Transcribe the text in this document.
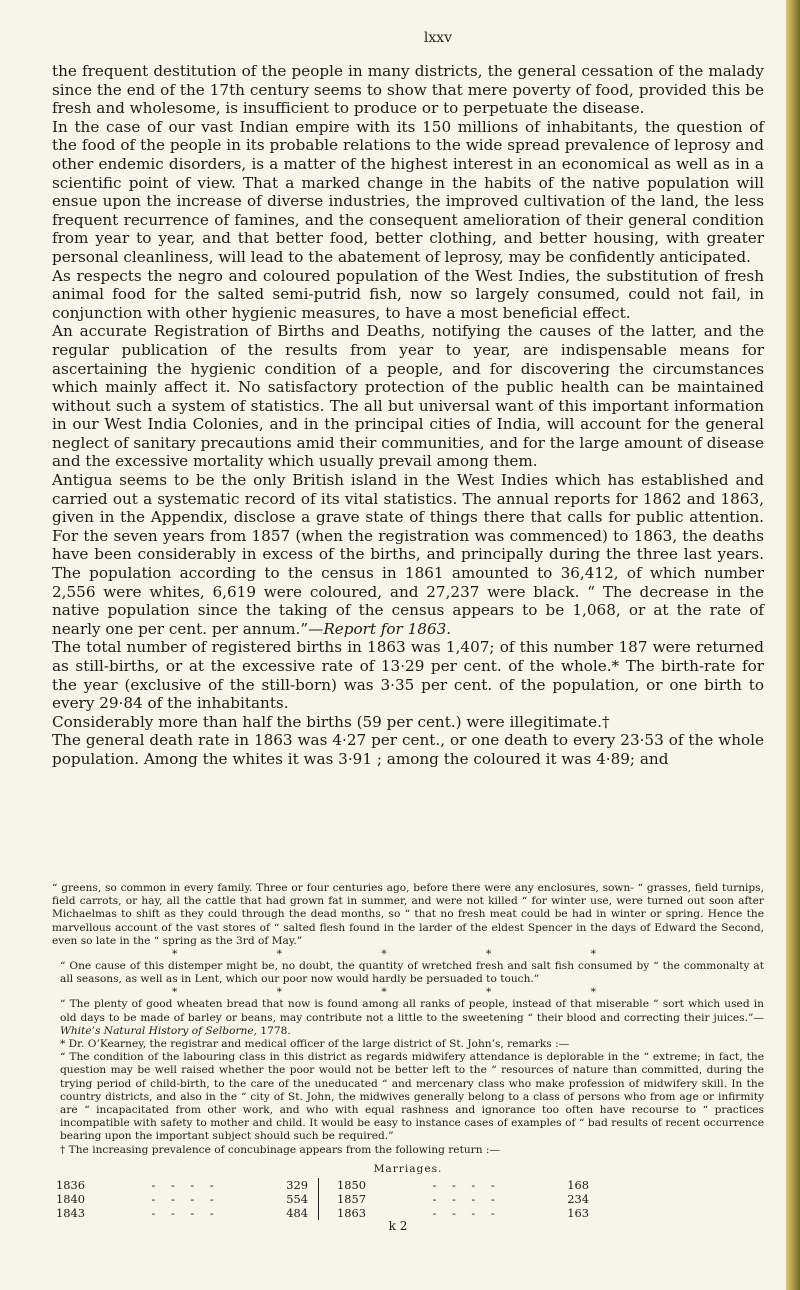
lxxv

the frequent destitution of the people in many districts, the general cessation of the malady since the end of the 17th century seems to show that mere poverty of food, provided this be fresh and wholesome, is insufficient to produce or to perpetuate the disease.

In the case of our vast Indian empire with its 150 millions of inhabitants, the question of the food of the people in its probable relations to the wide spread prevalence of leprosy and other endemic disorders, is a matter of the highest interest in an economical as well as in a scientific point of view. That a marked change in the habits of the native population will ensue upon the increase of diverse industries, the improved cultivation of the land, the less frequent recurrence of famines, and the consequent amelioration of their general condition from year to year, and that better food, better clothing, and better housing, with greater personal cleanliness, will lead to the abatement of leprosy, may be confidently anticipated.

As respects the negro and coloured population of the West Indies, the substitution of fresh animal food for the salted semi-putrid fish, now so largely consumed, could not fail, in conjunction with other hygienic measures, to have a most beneficial effect.

An accurate Registration of Births and Deaths, notifying the causes of the latter, and the regular publication of the results from year to year, are indispensable means for ascertaining the hygienic condition of a people, and for discovering the circumstances which mainly affect it. No satisfactory protection of the public health can be maintained without such a system of statistics. The all but universal want of this important information in our West India Colonies, and in the principal cities of India, will account for the general neglect of sanitary precautions amid their communities, and for the large amount of disease and the excessive mortality which usually prevail among them.

Antigua seems to be the only British island in the West Indies which has established and carried out a systematic record of its vital statistics. The annual reports for 1862 and 1863, given in the Appendix, disclose a grave state of things there that calls for public attention. For the seven years from 1857 (when the registration was commenced) to 1863, the deaths have been considerably in excess of the births, and principally during the three last years. The population according to the census in 1861 amounted to 36,412, of which number 2,556 were whites, 6,619 were coloured, and 27,237 were black. “ The decrease in the native population since the taking of the census appears to be 1,068, or at the rate of nearly one per cent. per annum.”—Report for 1863.

The total number of registered births in 1863 was 1,407; of this number 187 were returned as still-births, or at the excessive rate of 13·29 per cent. of the whole.* The birth-rate for the year (exclusive of the still-born) was 3·35 per cent. of the population, or one birth to every 29·84 of the inhabitants.

Considerably more than half the births (59 per cent.) were illegitimate.†

The general death rate in 1863 was 4·27 per cent., or one death to every 23·53 of the whole population. Among the whites it was 3·91 ; among the coloured it was 4·89; and

“ greens, so common in every family. Three or four centuries ago, before there were any enclosures, sown- “ grasses, field turnips, field carrots, or hay, all the cattle that had grown fat in summer, and were not killed “ for winter use, were turned out soon after Michaelmas to shift as they could through the dead months, so “ that no fresh meat could be had in winter or spring. Hence the marvellous account of the vast stores of “ salted flesh found in the larder of the eldest Spencer in the days of Edward the Second, even so late in the “ spring as the 3rd of May.”

* * * * *

“ One cause of this distemper might be, no doubt, the quantity of wretched fresh and salt fish consumed by “ the commonalty at all seasons, as well as in Lent, which our poor now would hardly be persuaded to touch.”

* * * * *

“ The plenty of good wheaten bread that now is found among all ranks of people, instead of that miserable “ sort which used in old days to be made of barley or beans, may contribute not a little to the sweetening “ their blood and correcting their juices.”—White’s Natural History of Selborne, 1778.

* Dr. O’Kearney, the registrar and medical officer of the large district of St. John’s, remarks :—

“ The condition of the labouring class in this district as regards midwifery attendance is deplorable in the “ extreme; in fact, the question may be well raised whether the poor would not be better left to the “ resources of nature than committed, during the trying period of child-birth, to the care of the uneducated “ and mercenary class who make profession of midwifery skill. In the country districts, and also in the “ city of St. John, the midwives generally belong to a class of persons who from age or infirmity are “ incapacitated from other work, and who with equal rashness and ignorance too often have recourse to “ practices incompatible with safety to mother and child. It would be easy to instance cases of examples of “ bad results of recent occurrence bearing upon the important subject should such be required.”

† The increasing prevalence of concubinage appears from the following return :—

Marriages.
1836	- - - -	329
1840	- - - -	554
1843	- - - -	484
1850	- - - -	168
1857	- - - -	234
1863	- - - -	163
k 2
